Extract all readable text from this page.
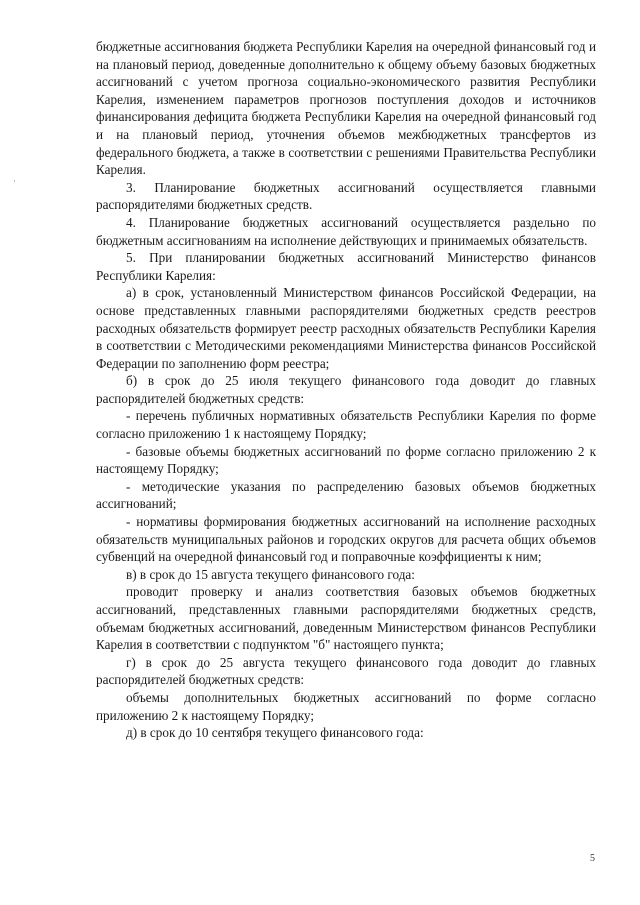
бюджетные ассигнования бюджета Республики Карелия на очередной финансовый год и на плановый период, доведенные дополнительно к общему объему базовых бюджетных ассигнований с учетом прогноза социально-экономического развития Республики Карелия, изменением параметров прогнозов поступления доходов и источников финансирования дефицита бюджета Республики Карелия на очередной финансовый год и на плановый период, уточнения объемов межбюджетных трансфертов из федерального бюджета, а также в соответствии с решениями Правительства Республики Карелия.

3. Планирование бюджетных ассигнований осуществляется главными распорядителями бюджетных средств.

4. Планирование бюджетных ассигнований осуществляется раздельно по бюджетным ассигнованиям на исполнение действующих и принимаемых обязательств.

5. При планировании бюджетных ассигнований Министерство финансов Республики Карелия:

а) в срок, установленный Министерством финансов Российской Федерации, на основе представленных главными распорядителями бюджетных средств реестров расходных обязательств формирует реестр расходных обязательств Республики Карелия в соответствии с Методическими рекомендациями Министерства финансов Российской Федерации по заполнению форм реестра;

б) в срок до 25 июля текущего финансового года доводит до главных распорядителей бюджетных средств:

- перечень публичных нормативных обязательств Республики Карелия по форме согласно приложению 1 к настоящему Порядку;

- базовые объемы бюджетных ассигнований по форме согласно приложению 2 к настоящему Порядку;

- методические указания по распределению базовых объемов бюджетных ассигнований;

- нормативы формирования бюджетных ассигнований на исполнение расходных обязательств муниципальных районов и городских округов для расчета общих объемов субвенций на очередной финансовый год и поправочные коэффициенты к ним;

в) в срок до 15 августа текущего финансового года:

проводит проверку и анализ соответствия базовых объемов бюджетных ассигнований, представленных главными распорядителями бюджетных средств, объемам бюджетных ассигнований, доведенным Министерством финансов Республики Карелия в соответствии с подпунктом "б" настоящего пункта;

г) в срок до 25 августа текущего финансового года доводит до главных распорядителей бюджетных средств:

объемы дополнительных бюджетных ассигнований по форме согласно приложению 2 к настоящему Порядку;

д) в срок до 10 сентября текущего финансового года:

5
